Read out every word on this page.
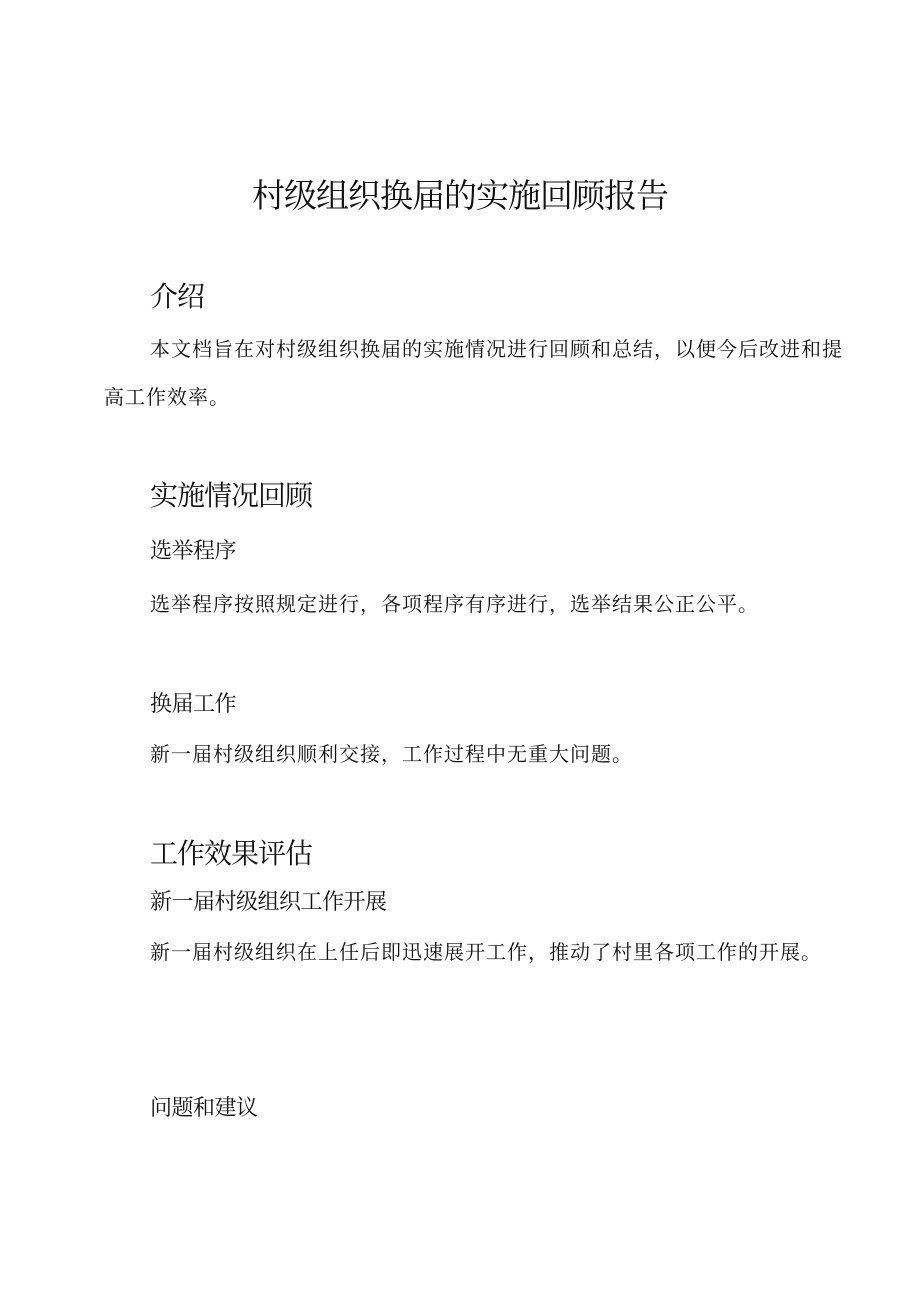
村级组织换届的实施回顾报告
介绍

本文档旨在对村级组织换届的实施情况进行回顾和总结，以便今后改进和提高工作效率。

实施情况回顾
选举程序

选举程序按照规定进行，各项程序有序进行，选举结果公正公平。

换届工作

新一届村级组织顺利交接，工作过程中无重大问题。

工作效果评估
新一届村级组织工作开展

新一届村级组织在上任后即迅速展开工作，推动了村里各项工作的开展。

问题和建议
